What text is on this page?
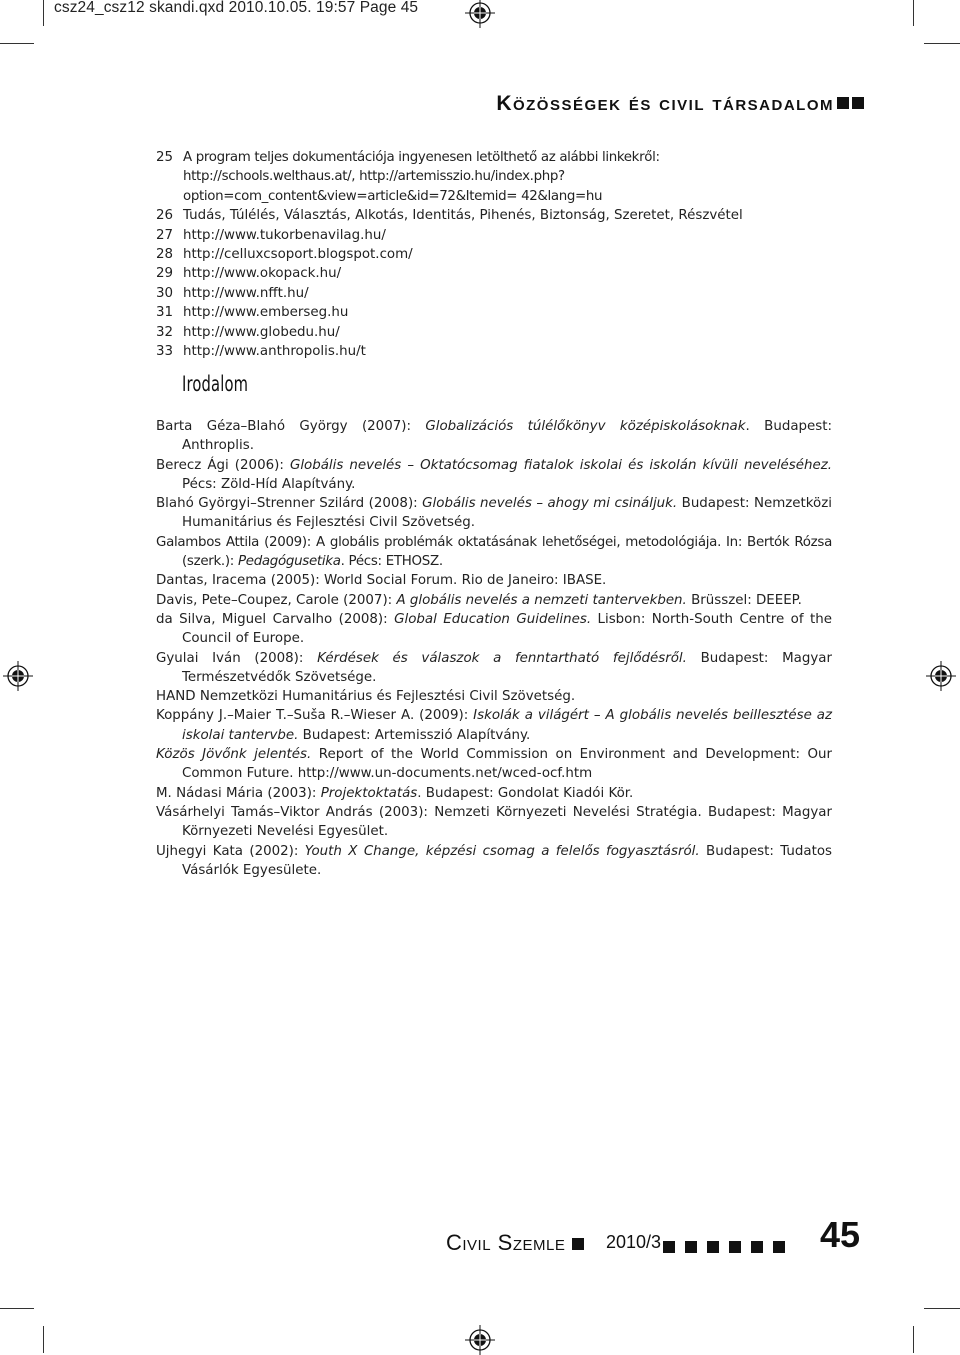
csz24_csz12 skandi.qxd 2010.10.05. 19:57 Page 45
Közösségek és civil társadalom
25 A program teljes dokumentációja ingyenesen letölthető az alábbi linkekről: http://schools.welthaus.at/, http://artemisszio.hu/index.php?option=com_content&view=article&id=72&Itemid= 42&lang=hu
26 Tudás, Túlélés, Választás, Alkotás, Identitás, Pihenés, Biztonság, Szeretet, Részvétel
27 http://www.tukorbenavilag.hu/
28 http://celluxcsoport.blogspot.com/
29 http://www.okopack.hu/
30 http://www.nfft.hu/
31 http://www.emberseg.hu
32 http://www.globedu.hu/
33 http://www.anthropolis.hu/t
Irodalom

Barta Géza–Blahó György (2007): Globalizációs túlélőkönyv középiskolásoknak. Budapest: Anthroplis.

Berecz Ági (2006): Globális nevelés – Oktatócsomag fiatalok iskolai és iskolán kívüli neveléséhez. Pécs: Zöld-Híd Alapítvány.

Blahó Györgyi–Strenner Szilárd (2008): Globális nevelés – ahogy mi csináljuk. Budapest: Nemzetközi Humanitárius és Fejlesztési Civil Szövetség.

Galambos Attila (2009): A globális problémák oktatásának lehetőségei, metodológiája. In: Bertók Rózsa (szerk.): Pedagógusetika. Pécs: ETHOSZ.

Dantas, Iracema (2005): World Social Forum. Rio de Janeiro: IBASE.

Davis, Pete–Coupez, Carole (2007): A globális nevelés a nemzeti tantervekben. Brüsszel: DEEEP.

da Silva, Miguel Carvalho (2008): Global Education Guidelines. Lisbon: North-South Centre of the Council of Europe.

Gyulai Iván (2008): Kérdések és válaszok a fenntartható fejlődésről. Budapest: Magyar Természetvédők Szövetsége.

HAND Nemzetközi Humanitárius és Fejlesztési Civil Szövetség.

Koppány J.–Maier T.–Suša R.–Wieser A. (2009): Iskolák a világért – A globális nevelés beillesztése az iskolai tantervbe. Budapest: Artemisszió Alapítvány.

Közös Jövőnk jelentés. Report of the World Commission on Environment and Development: Our Common Future. http://www.un-documents.net/wced-ocf.htm

M. Nádasi Mária (2003): Projektoktatás. Budapest: Gondolat Kiadói Kör.

Vásárhelyi Tamás–Viktor András (2003): Nemzeti Környezeti Nevelési Stratégia. Budapest: Magyar Környezeti Nevelési Egyesület.

Ujhegyi Kata (2002): Youth X Change, képzési csomag a felelős fogyasztásról. Budapest: Tudatos Vásárlók Egyesülete.

Civil Szemle	2010/3	45
